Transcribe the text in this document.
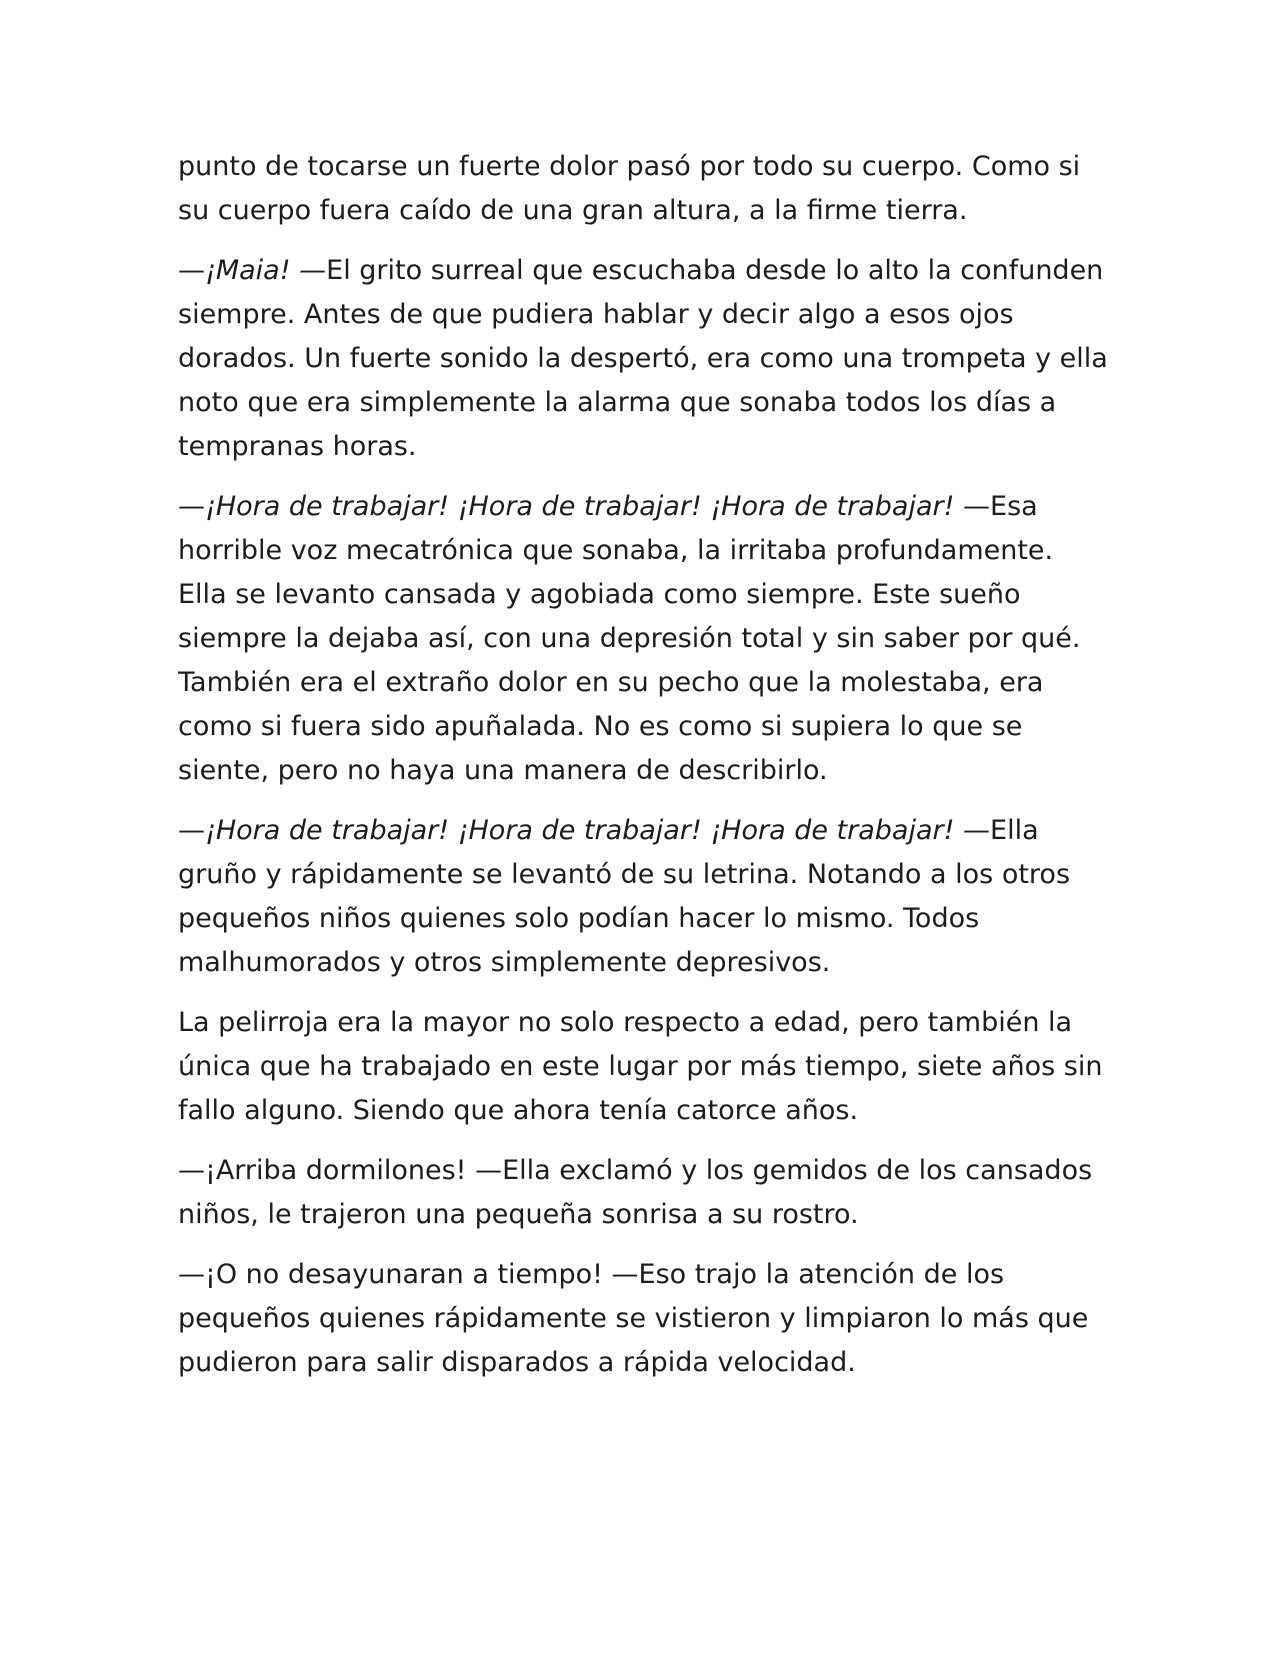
punto de tocarse un fuerte dolor pasó por todo su cuerpo. Como si su cuerpo fuera caído de una gran altura, a la firme tierra.

—¡Maia! —El grito surreal que escuchaba desde lo alto la confunden siempre. Antes de que pudiera hablar y decir algo a esos ojos dorados. Un fuerte sonido la despertó, era como una trompeta y ella noto que era simplemente la alarma que sonaba todos los días a tempranas horas.

—¡Hora de trabajar! ¡Hora de trabajar! ¡Hora de trabajar! —Esa horrible voz mecatrónica que sonaba, la irritaba profundamente. Ella se levanto cansada y agobiada como siempre. Este sueño siempre la dejaba así, con una depresión total y sin saber por qué. También era el extraño dolor en su pecho que la molestaba, era como si fuera sido apuñalada. No es como si supiera lo que se siente, pero no haya una manera de describirlo.

—¡Hora de trabajar! ¡Hora de trabajar! ¡Hora de trabajar! —Ella gruño y rápidamente se levantó de su letrina. Notando a los otros pequeños niños quienes solo podían hacer lo mismo. Todos malhumorados y otros simplemente depresivos.

La pelirroja era la mayor no solo respecto a edad, pero también la única que ha trabajado en este lugar por más tiempo, siete años sin fallo alguno. Siendo que ahora tenía catorce años.

—¡Arriba dormilones! —Ella exclamó y los gemidos de los cansados niños, le trajeron una pequeña sonrisa a su rostro.

—¡O no desayunaran a tiempo! —Eso trajo la atención de los pequeños quienes rápidamente se vistieron y limpiaron lo más que pudieron para salir disparados a rápida velocidad.
